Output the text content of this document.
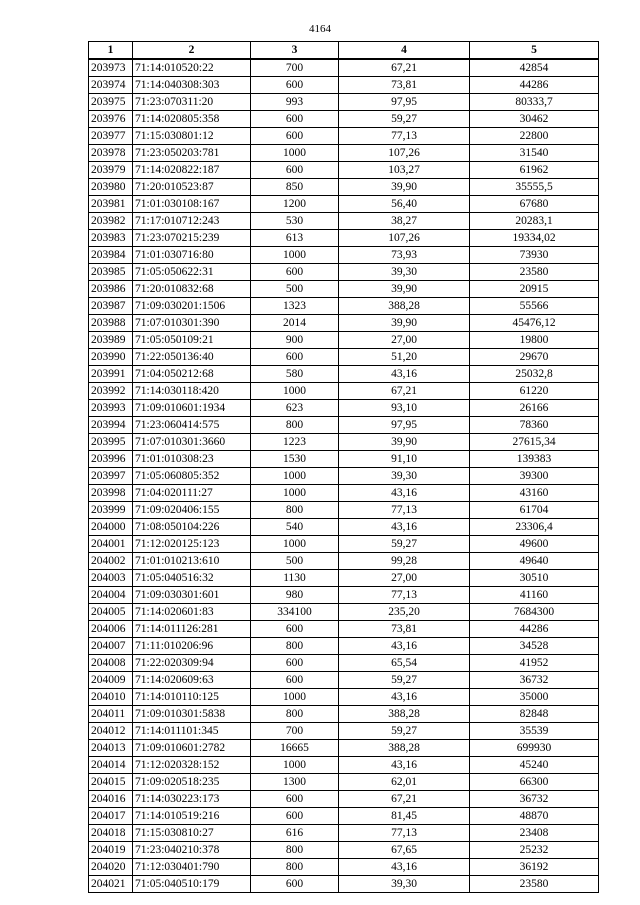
4164
1	2	3	4	5
203973	71:14:010520:22	700	67,21	42854
203974	71:14:040308:303	600	73,81	44286
203975	71:23:070311:20	993	97,95	80333,7
203976	71:14:020805:358	600	59,27	30462
203977	71:15:030801:12	600	77,13	22800
203978	71:23:050203:781	1000	107,26	31540
203979	71:14:020822:187	600	103,27	61962
203980	71:20:010523:87	850	39,90	35555,5
203981	71:01:030108:167	1200	56,40	67680
203982	71:17:010712:243	530	38,27	20283,1
203983	71:23:070215:239	613	107,26	19334,02
203984	71:01:030716:80	1000	73,93	73930
203985	71:05:050622:31	600	39,30	23580
203986	71:20:010832:68	500	39,90	20915
203987	71:09:030201:1506	1323	388,28	55566
203988	71:07:010301:390	2014	39,90	45476,12
203989	71:05:050109:21	900	27,00	19800
203990	71:22:050136:40	600	51,20	29670
203991	71:04:050212:68	580	43,16	25032,8
203992	71:14:030118:420	1000	67,21	61220
203993	71:09:010601:1934	623	93,10	26166
203994	71:23:060414:575	800	97,95	78360
203995	71:07:010301:3660	1223	39,90	27615,34
203996	71:01:010308:23	1530	91,10	139383
203997	71:05:060805:352	1000	39,30	39300
203998	71:04:020111:27	1000	43,16	43160
203999	71:09:020406:155	800	77,13	61704
204000	71:08:050104:226	540	43,16	23306,4
204001	71:12:020125:123	1000	59,27	49600
204002	71:01:010213:610	500	99,28	49640
204003	71:05:040516:32	1130	27,00	30510
204004	71:09:030301:601	980	77,13	41160
204005	71:14:020601:83	334100	235,20	7684300
204006	71:14:011126:281	600	73,81	44286
204007	71:11:010206:96	800	43,16	34528
204008	71:22:020309:94	600	65,54	41952
204009	71:14:020609:63	600	59,27	36732
204010	71:14:010110:125	1000	43,16	35000
204011	71:09:010301:5838	800	388,28	82848
204012	71:14:011101:345	700	59,27	35539
204013	71:09:010601:2782	16665	388,28	699930
204014	71:12:020328:152	1000	43,16	45240
204015	71:09:020518:235	1300	62,01	66300
204016	71:14:030223:173	600	67,21	36732
204017	71:14:010519:216	600	81,45	48870
204018	71:15:030810:27	616	77,13	23408
204019	71:23:040210:378	800	67,65	25232
204020	71:12:030401:790	800	43,16	36192
204021	71:05:040510:179	600	39,30	23580
